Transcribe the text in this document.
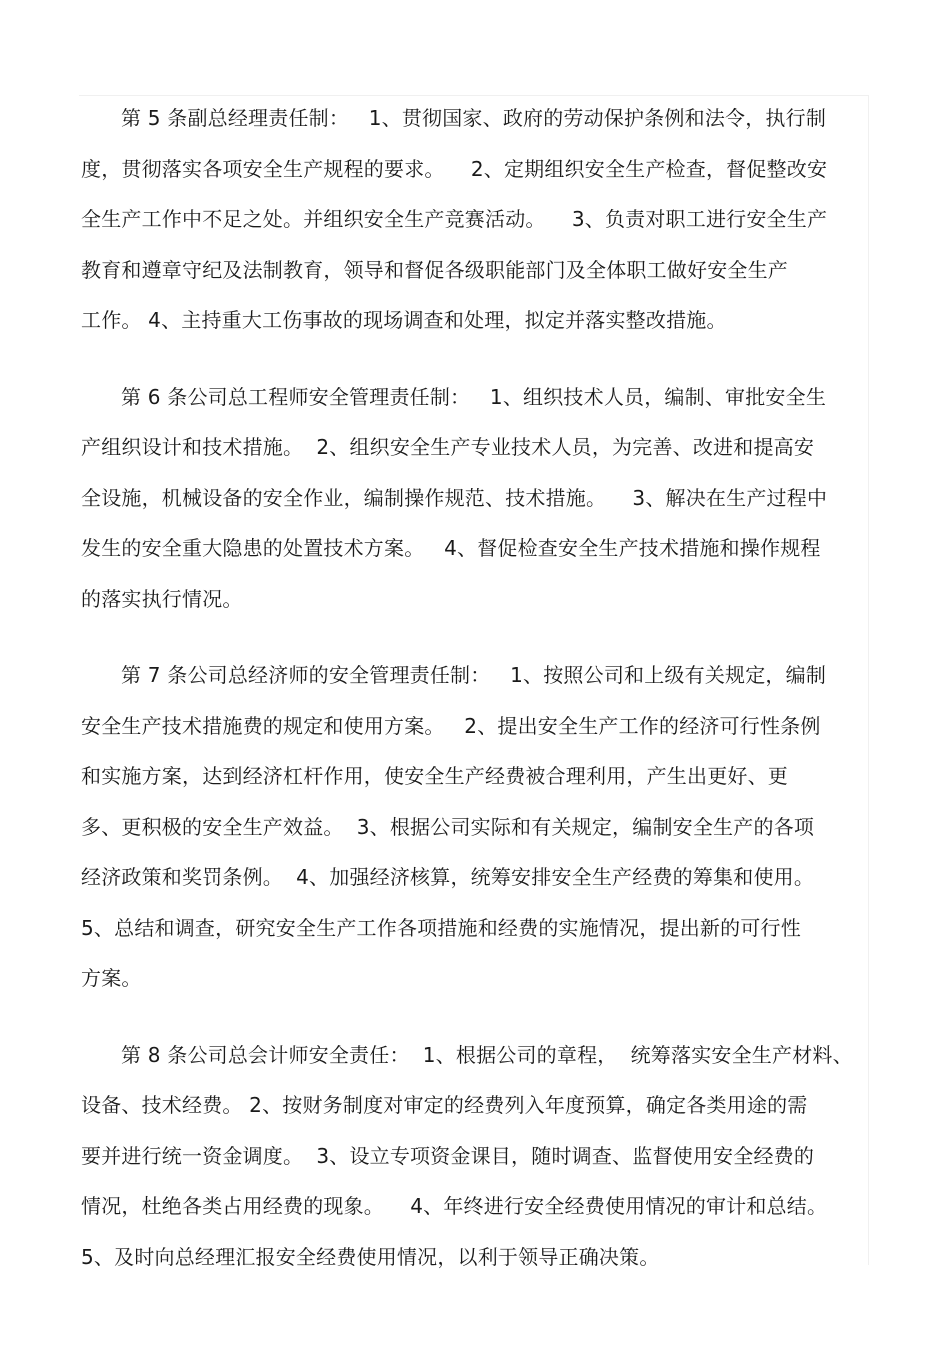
第 5 条副总经理责任制：   1、贯彻国家、政府的劳动保护条例和法令，执行制
度，贯彻落实各项安全生产规程的要求。    2、定期组织安全生产检查，督促整改安
全生产工作中不足之处。并组织安全生产竞赛活动。    3、负责对职工进行安全生产
教育和遵章守纪及法制教育，领导和督促各级职能部门及全体职工做好安全生产
工作。 4、主持重大工伤事故的现场调查和处理，拟定并落实整改措施。
第 6 条公司总工程师安全管理责任制：   1、组织技术人员，编制、审批安全生
产组织设计和技术措施。  2、组织安全生产专业技术人员，为完善、改进和提高安
全设施，机械设备的安全作业，编制操作规范、技术措施。    3、解决在生产过程中
发生的安全重大隐患的处置技术方案。   4、督促检查安全生产技术措施和操作规程
的落实执行情况。
第 7 条公司总经济师的安全管理责任制：   1、按照公司和上级有关规定，编制
安全生产技术措施费的规定和使用方案。   2、提出安全生产工作的经济可行性条例
和实施方案，达到经济杠杆作用，使安全生产经费被合理利用，产生出更好、更
多、更积极的安全生产效益。  3、根据公司实际和有关规定，编制安全生产的各项
经济政策和奖罚条例。  4、加强经济核算，统筹安排安全生产经费的筹集和使用。
5、总结和调查，研究安全生产工作各项措施和经费的实施情况，提出新的可行性
方案。
第 8 条公司总会计师安全责任：  1、根据公司的章程，  统筹落实安全生产材料、
设备、技术经费。 2、按财务制度对审定的经费列入年度预算，确定各类用途的需
要并进行统一资金调度。  3、设立专项资金课目，随时调查、监督使用安全经费的
情况，杜绝各类占用经费的现象。    4、年终进行安全经费使用情况的审计和总结。
5、及时向总经理汇报安全经费使用情况，以利于领导正确决策。
